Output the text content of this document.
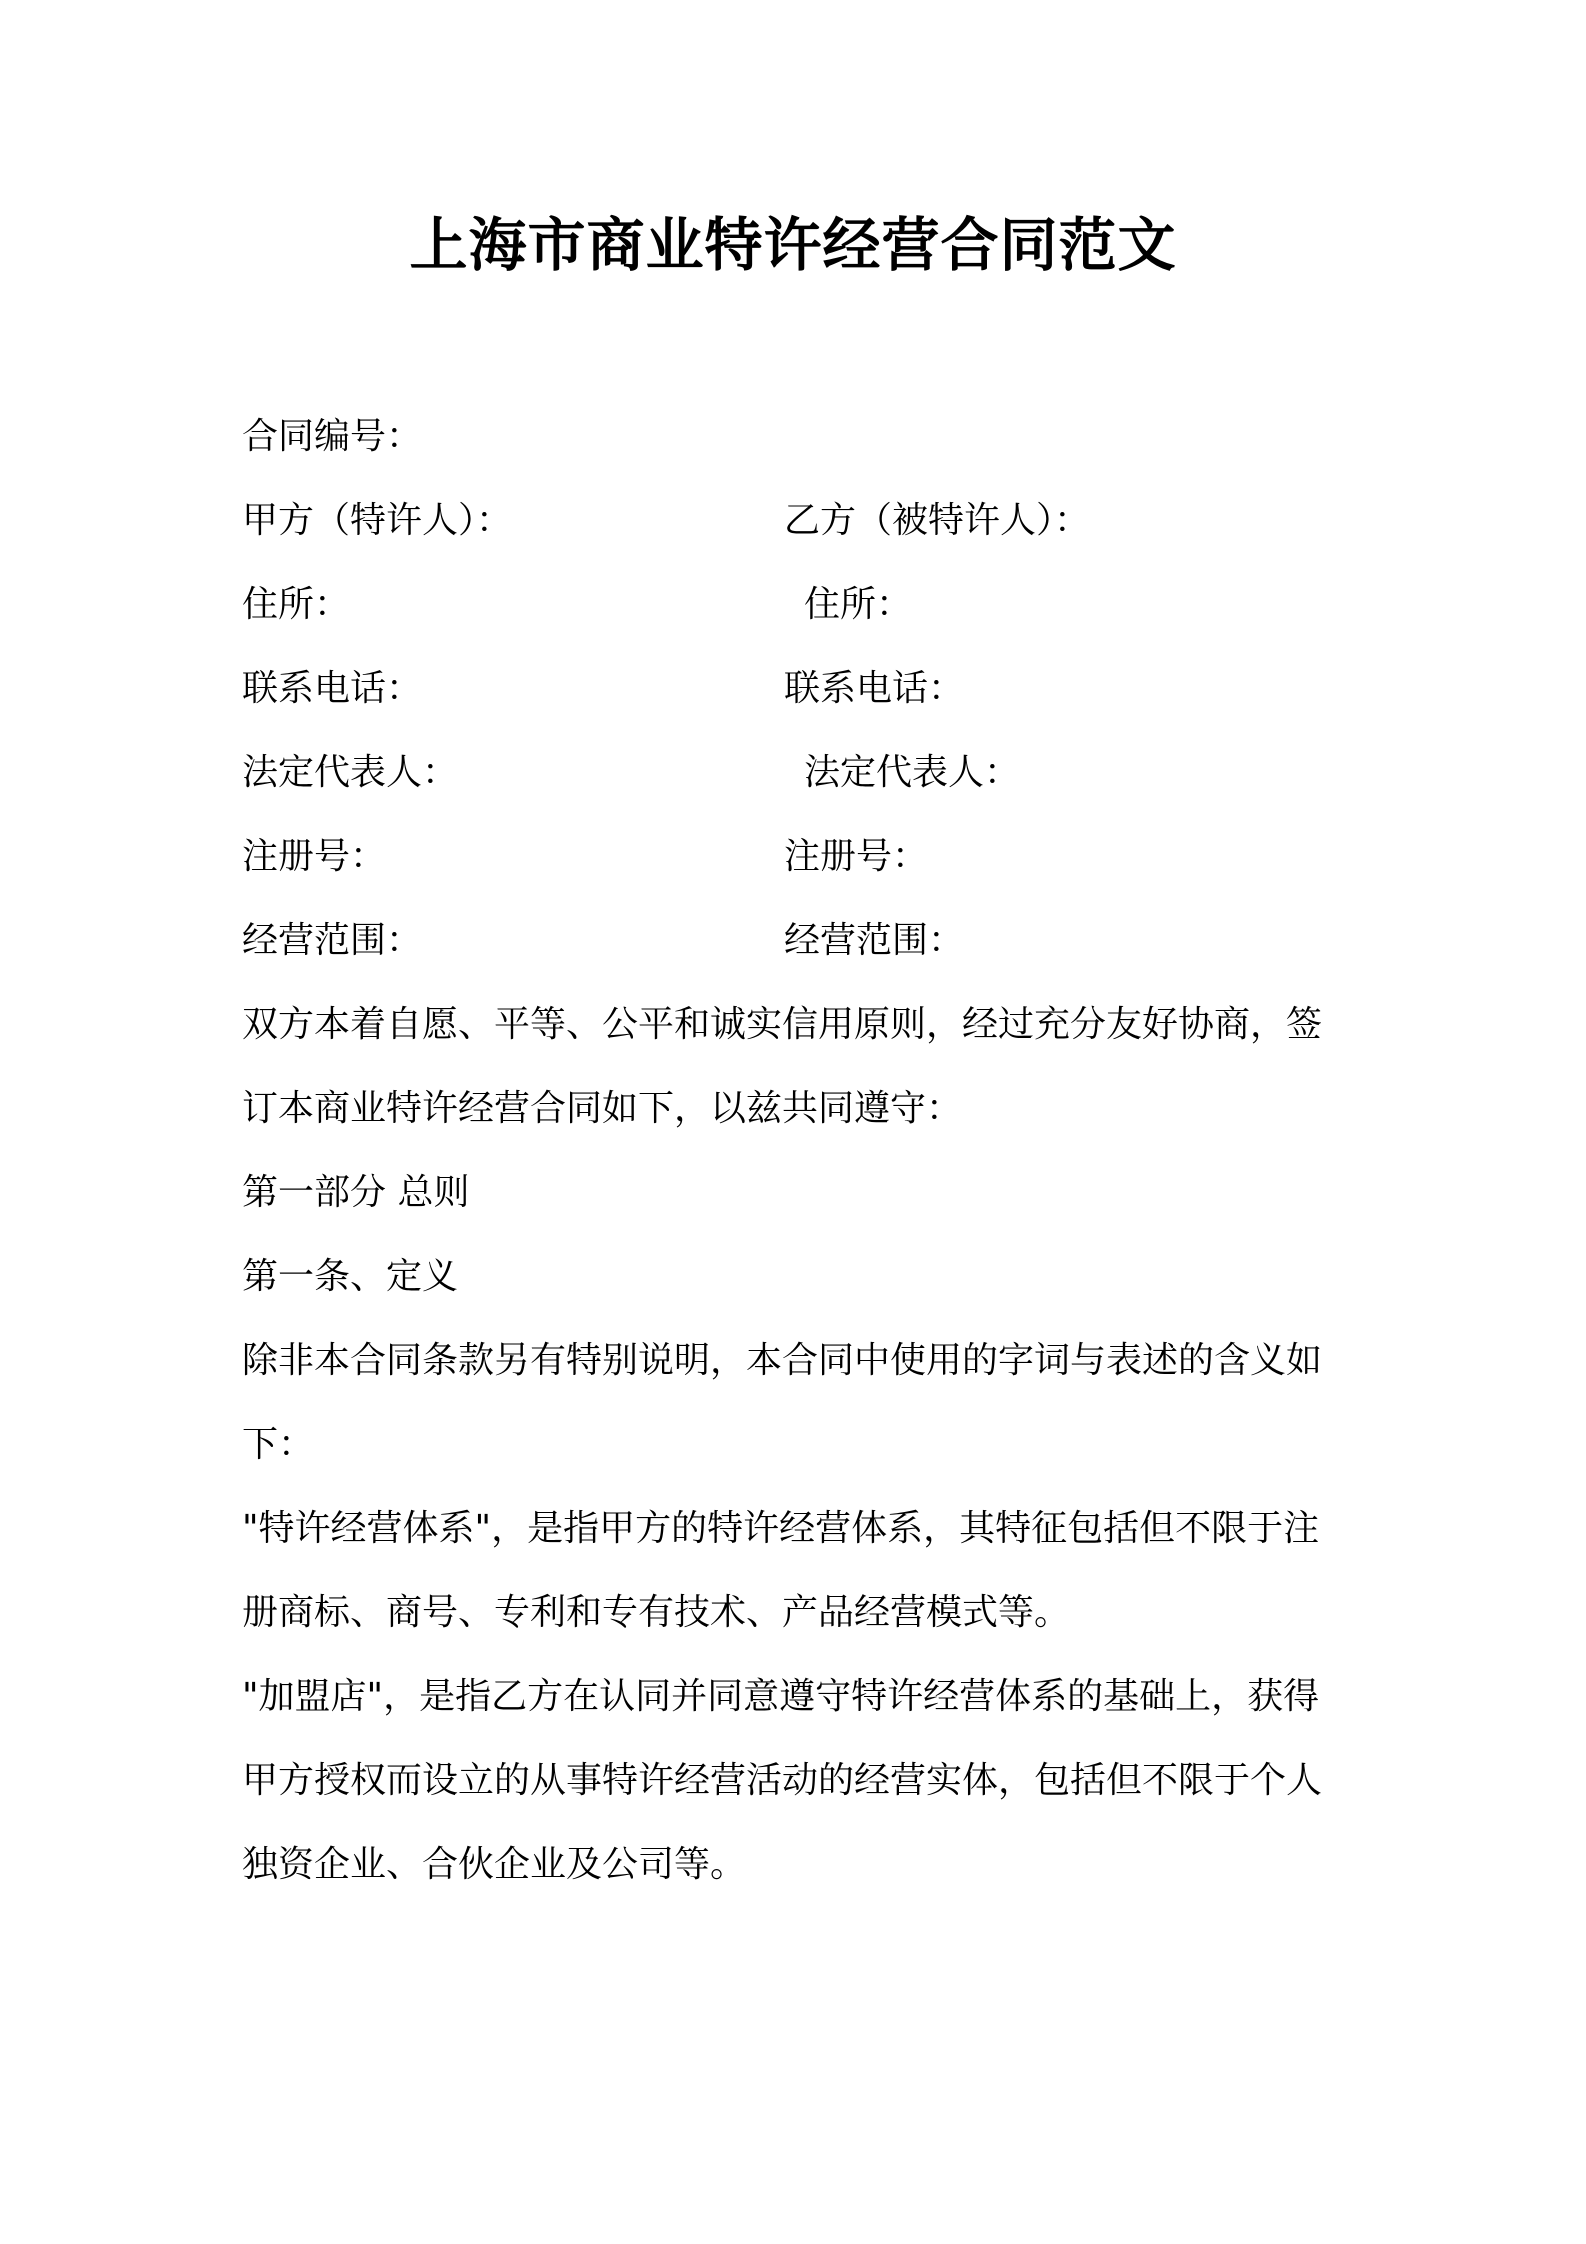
上海市商业特许经营合同范文
合同编号：
甲方（特许人）：	乙方（被特许人）：
住所：	住所：
联系电话：	联系电话：
法定代表人：	法定代表人：
注册号：	注册号：
经营范围：	经营范围：
双方本着自愿、平等、公平和诚实信用原则，经过充分友好协商，签
订本商业特许经营合同如下，以兹共同遵守：
第一部分 总则
第一条、定义
除非本合同条款另有特别说明，本合同中使用的字词与表述的含义如
下：
"特许经营体系"，是指甲方的特许经营体系，其特征包括但不限于注
册商标、商号、专利和专有技术、产品经营模式等。
"加盟店"，是指乙方在认同并同意遵守特许经营体系的基础上，获得
甲方授权而设立的从事特许经营活动的经营实体，包括但不限于个人
独资企业、合伙企业及公司等。
